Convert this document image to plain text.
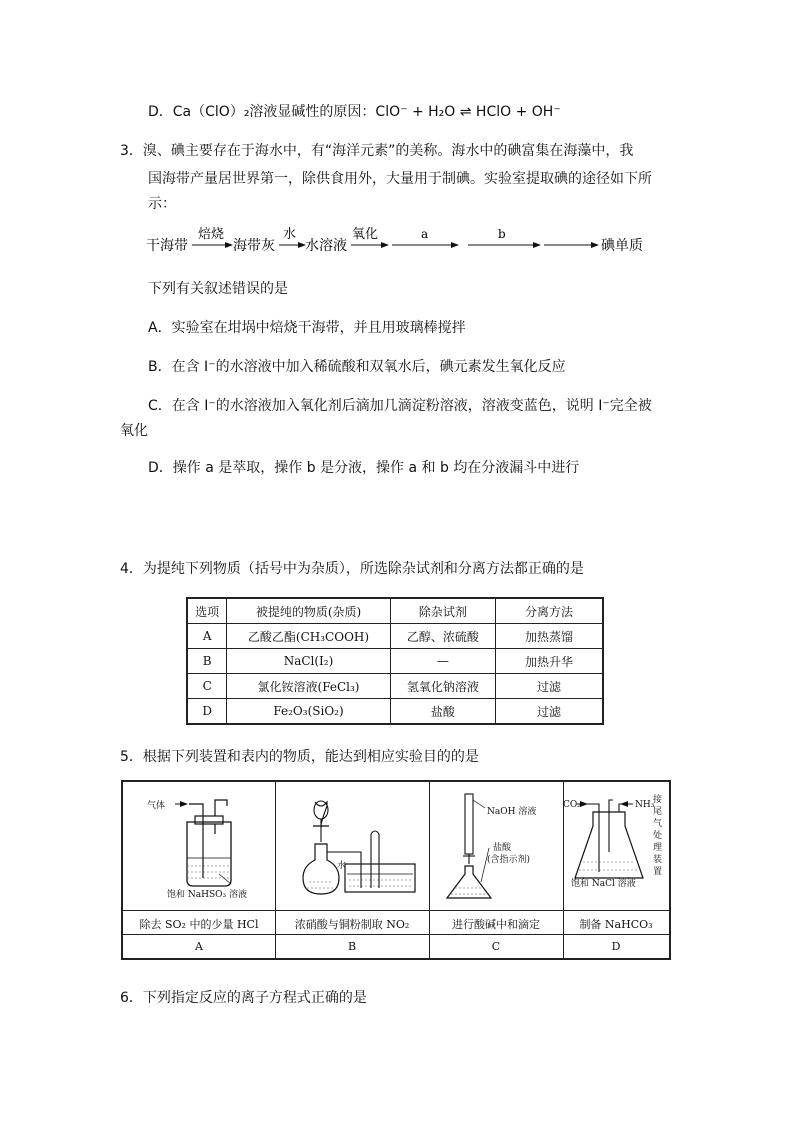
D．Ca（ClO）₂溶液显碱性的原因：ClO⁻ + H₂O ⇌ HClO + OH⁻
3．溴、碘主要存在于海水中，有“海洋元素”的美称。海水中的碘富集在海藻中，我
国海带产量居世界第一，除供食用外，大量用于制碘。实验室提取碘的途径如下所
示：
干海带
焙烧
海带灰
水
水溶液
氧化	a	b
碘单质
下列有关叙述错误的是
A．实验室在坩埚中焙烧干海带，并且用玻璃棒搅拌
B．在含 I⁻的水溶液中加入稀硫酸和双氧水后，碘元素发生氧化反应
C．在含 I⁻的水溶液加入氧化剂后滴加几滴淀粉溶液，溶液变蓝色，说明 I⁻完全被
氧化
D．操作 a 是萃取，操作 b 是分液，操作 a 和 b 均在分液漏斗中进行
4．为提纯下列物质（括号中为杂质），所选除杂试剂和分离方法都正确的是
选项	被提纯的物质(杂质)	除杂试剂	分离方法
A	乙酸乙酯(CH₃COOH)	乙醇、浓硫酸	加热蒸馏
B	NaCl(I₂)	—	加热升华
C	氯化铵溶液(FeCl₃)	氢氧化钠溶液	过滤
D	Fe₂O₃(SiO₂)	盐酸	过滤
5．根据下列装置和表内的物质，能达到相应实验目的的是
气体
饱和 NaHSO₃ 溶液
水
NaOH 溶液
盐酸
(含指示剂)
CO₂	NH₃
饱和 NaCl 溶液
接尾气处理装置
除去 SO₂ 中的少量 HCl	浓硝酸与铜粉制取 NO₂	进行酸碱中和滴定	制备 NaHCO₃
A	B	C	D
6．下列指定反应的离子方程式正确的是
